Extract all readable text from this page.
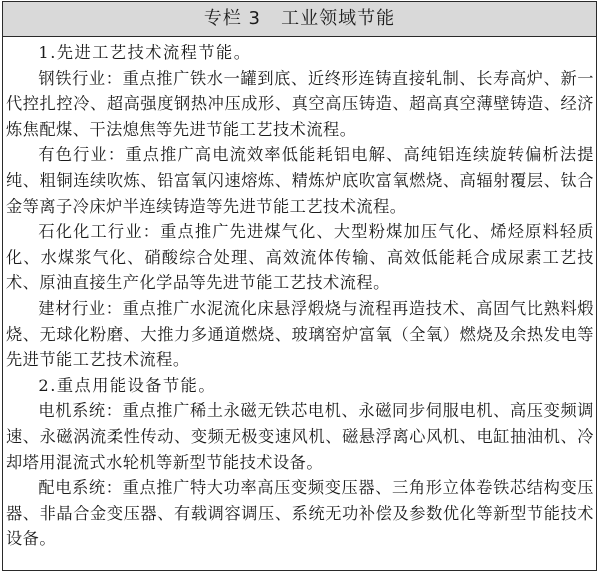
专栏 3   工业领域节能

1.先进工艺技术流程节能。

钢铁行业：重点推广铁水一罐到底、近终形连铸直接轧制、长寿高炉、新一代控扎控冷、超高强度钢热冲压成形、真空高压铸造、超高真空薄壁铸造、经济炼焦配煤、干法熄焦等先进节能工艺技术流程。

有色行业：重点推广高电流效率低能耗铝电解、高纯铝连续旋转偏析法提纯、粗铜连续吹炼、铅富氧闪速熔炼、精炼炉底吹富氧燃烧、高辐射覆层、钛合金等离子冷床炉半连续铸造等先进节能工艺技术流程。

石化化工行业：重点推广先进煤气化、大型粉煤加压气化、烯烃原料轻质化、水煤浆气化、硝酸综合处理、高效流体传输、高效低能耗合成尿素工艺技术、原油直接生产化学品等先进节能工艺技术流程。

建材行业：重点推广水泥流化床悬浮煅烧与流程再造技术、高固气比熟料煅烧、无球化粉磨、大推力多通道燃烧、玻璃窑炉富氧（全氧）燃烧及余热发电等先进节能工艺技术流程。

2.重点用能设备节能。

电机系统：重点推广稀土永磁无铁芯电机、永磁同步伺服电机、高压变频调速、永磁涡流柔性传动、变频无极变速风机、磁悬浮离心风机、电缸抽油机、冷却塔用混流式水轮机等新型节能技术设备。

配电系统：重点推广特大功率高压变频变压器、三角形立体卷铁芯结构变压器、非晶合金变压器、有载调容调压、系统无功补偿及参数优化等新型节能技术设备。
